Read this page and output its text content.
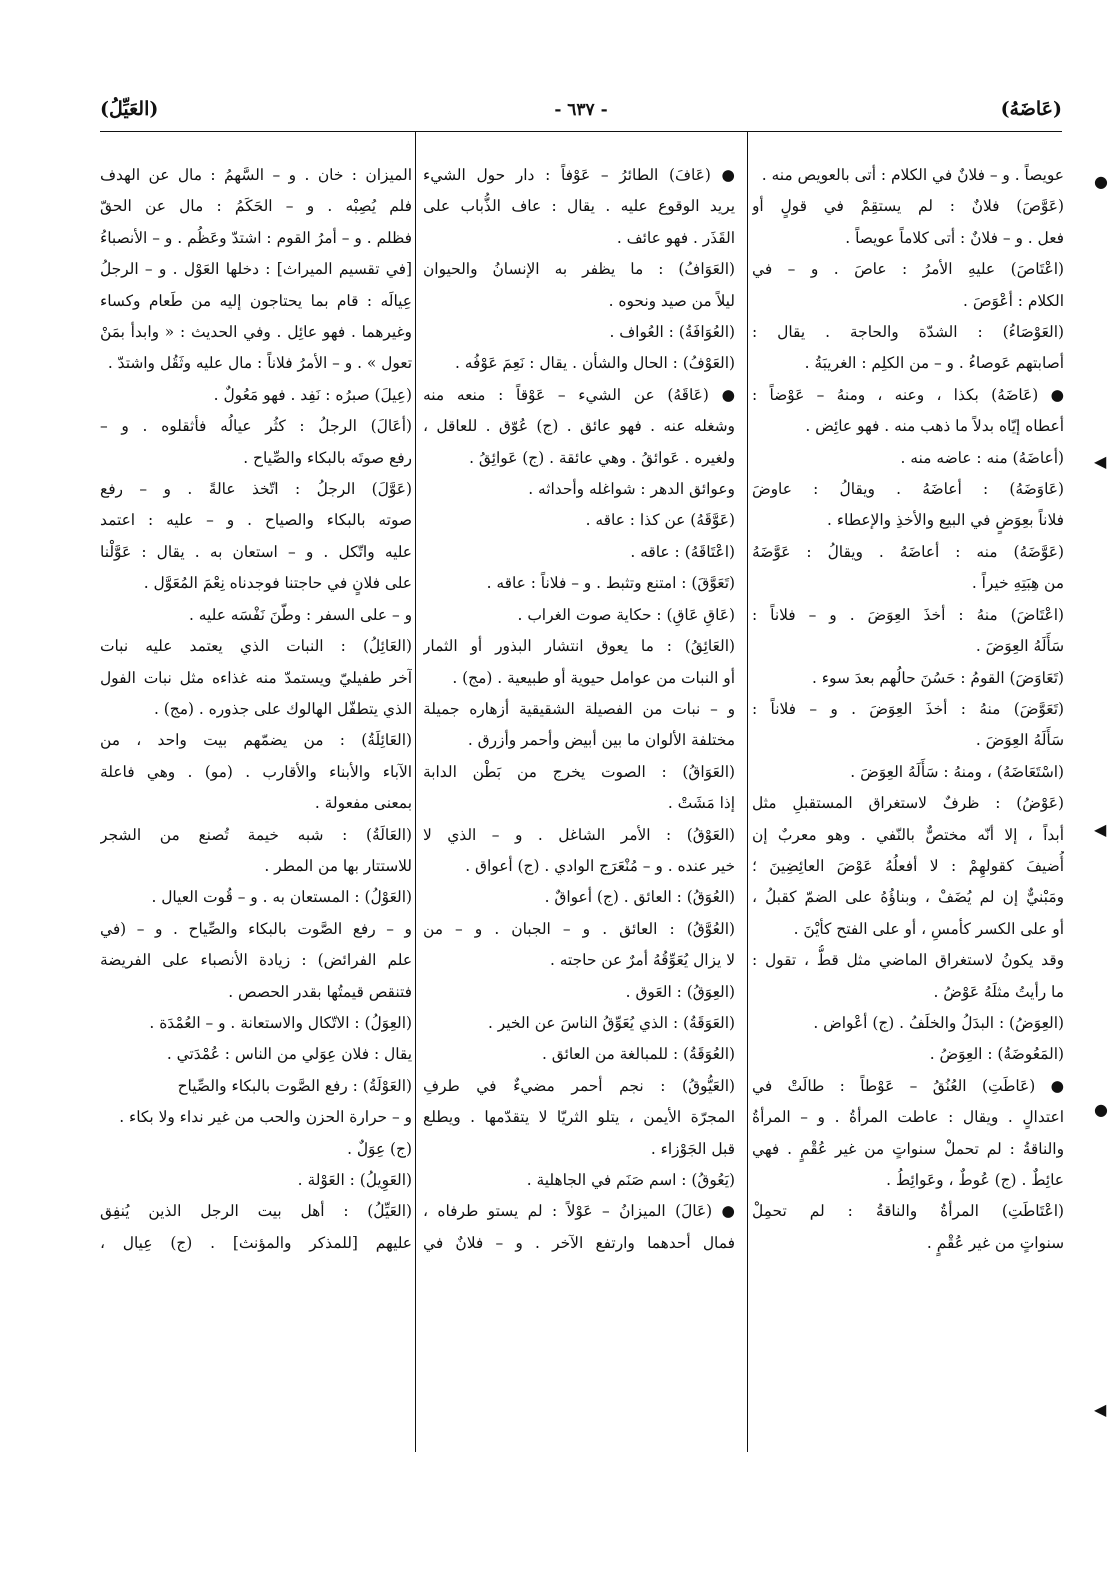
(العَيِّلُ)	- ٦٣٧ -	(عَاضَهُ)
عويصاً . و – فلانٌ في الكلام : أتى بالعويص منه .
(عَوَّصَ) فلانٌ : لم يستقِمْ في قولٍ أو
فعل . و – فلانٌ : أتى كلاماً عويصاً .
(اعْتَاصَ) عليهِ الأمرُ : عاصَ . و – في
الكلام : أعْوَصَ .
(العَوْصَاءُ) : الشدّة والحاجة . يقال :
أصابتهم عَوصاءُ . و – من الكلِم : الغريبَةُ .
● (عَاضَهُ) بكذا ، وعنه ، ومنهُ – عَوْضاً :
أعطاه إيّاه بدلاً ما ذهب منه . فهو عائِض .
(أعاضَهُ) منه : عاضه منه .
(عَاوَضَهُ) : أعاضَهُ . ويقالُ : عاوضَ
فلاناً بعِوَضٍ في البيع والأخذِ والإعطاء .
(عَوَّضَهُ) منه : أعاضَهُ . ويقالُ : عَوَّضَهُ
من هِبَتِهِ خيراً .
(اعْتَاضَ) منهُ : أخذَ العِوَضَ . و – فلاناً :
سَأَلَهُ العِوَضَ .
(تَعَاوَضَ) القومُ : حَسُنَ حالُهم بعدَ سوء .
(تَعَوَّضَ) منهُ : أخذَ العِوَضَ . و – فلاناً :
سَأَلَهُ العِوَضَ .
(اسْتَعَاضَهُ) ، ومنهُ : سَأَلَهُ العِوَضَ .
(عَوْضُ) : ظرفٌ لاستغراق المستقبلِ مثل
أبداً ، إلا أنّه مختصٌّ بالنّفي . وهو معربٌ إن
أُضيفَ كقولهِمْ : لا أفعلُهُ عَوْضَ العائِضِينَ ؛
ومَبْنيٌّ إن لم يُضَفْ ، وبناؤُهُ على الضمّ كقبلُ ،
أو على الكسر كأمسِ ، أو على الفتح كأيْنَ .
وقد يكونُ لاستغراق الماضي مثل قطُّ ، تقول :
ما رأيتُ مثلَهُ عَوْضُ .
(العِوَضُ) : البدَلُ والخلَفُ . (ج) أعْواض .
(المَعُوضَةُ) : العِوَضُ .
● (عَاطَتِ) العُنُقُ – عَوْطاً : طالَتْ في
اعتدالٍ . ويقال : عاطت المرأةُ . و – المرأةُ
والناقةُ : لم تحملْ سنواتٍ من غير عُقْمٍ . فهي
عائِطٌ . (ج) عُوطٌ ، وعَوائِطُ .
(اعْتَاطَتِ) المرأةُ والناقةُ : لم تحمِلْ
سنواتٍ من غير عُقْمٍ .
● (عَافَ) الطائرُ – عَوْفاً : دار حول الشيء
يريد الوقوع عليه . يقال : عاف الذُّباب على
القَذَر . فهو عائف .
(العَوَافُ) : ما يظفر به الإنسانُ والحيوان
ليلاً من صيد ونحوه .
(العُوَافَةُ) : العُواف .
(العَوْفُ) : الحال والشأن . يقال : نَعِمَ عَوْفُه .
● (عَاقَهُ) عن الشيء – عَوْقاً : منعه منه
وشغله عنه . فهو عائق . (ج) عُوّق . للعاقل ،
ولغيره . عَوائقُ . وهي عائقة . (ج) عَوائِقُ .
وعوائق الدهر : شواغله وأحداثه .
(عَوَّقَهُ) عن كذا : عاقه .
(اعْتَاقَهُ) : عاقه .
(تَعَوَّقَ) : امتنع وتثبط . و – فلاناً : عاقه .
(عَاقِ عَاقِ) : حكاية صوت الغراب .
(العَائِقُ) : ما يعوق انتشار البذور أو الثمار
أو النبات من عوامل حيوية أو طبيعية . (مج) .
و – نبات من الفصيلة الشقيقية أزهاره جميلة
مختلفة الألوان ما بين أبيض وأحمر وأزرق .
(العَوَاقُ) : الصوت يخرج من بَطْن الدابة
إذا مَشَتْ .
(العَوْقُ) : الأمر الشاغل . و – الذي لا
خير عنده . و – مُنْعَرَج الوادي . (ج) أعواق .
(العُوَقُ) : العائق . (ج) أعواقٌ .
(العُوَّقُ) : العائق . و – الجبان . و – من
لا يزال يُعَوِّقُهُ أمرٌ عن حاجته .
(العِوَقُ) : العَوق .
(العَوَقَةُ) : الذي يُعَوِّقُ الناسَ عن الخير .
(العُوَقَةُ) : للمبالغة من العائق .
(العَيُّوقُ) : نجم أحمر مضيءٌ في طرفِ
المجرّة الأيمن ، يتلو الثريّا لا يتقدّمها . ويطلع
قبل الجَوْزاء .
(يَعُوقُ) : اسم صَنَم في الجاهلية .
● (عَالَ) الميزانُ – عَوْلاً : لم يستو طرفاه ،
فمال أحدهما وارتفع الآخر . و – فلانٌ في
الميزان : خان . و – السَّهمُ : مال عن الهدف
فلم يُصِبْه . و – الحَكَمُ : مال عن الحقّ
فظلم . و – أمرُ القوم : اشتدّ وعَظُم . و – الأنصباءُ
[في تقسيم الميراث] : دخلها العَوْل . و – الرجلُ
عِيالَه : قام بما يحتاجون إليه من طَعام وكساء
وغيرهما . فهو عائِل . وفي الحديث : « وابدأ بمَنْ
تعول » . و – الأمرُ فلاناً : مال عليه وثَقُل واشتدّ .
(عِيلَ) صبرُه : نَفِد . فهو مَعُولٌ .
(أعَالَ) الرجلُ : كثُر عيالُه فأثقلوه . و –
رفع صوتَه بالبكاء والصِّياح .
(عَوَّلَ) الرجلُ : اتّخذ عالةً . و – رفع
صوته بالبكاء والصياح . و – عليه : اعتمد
عليه واتّكل . و – استعان به . يقال : عَوَّلْنا
على فلانٍ في حاجتنا فوجدناه نِعْمَ المُعَوَّل .
و – على السفر : وطّنَ نَفْسَه عليه .
(العَائِلُ) : النبات الذي يعتمد عليه نبات
آخر طفيليّ ويستمدّ منه غذاءه مثل نبات الفول
الذي يتطفّل الهالوك على جذوره . (مج) .
(العَائِلَةُ) : من يضمّهم بيت واحد ، من
الآباء والأبناء والأقارب . (مو) . وهي فاعلة
بمعنى مفعولة .
(العَالَةُ) : شبه خيمة تُصنع من الشجر
للاستتار بها من المطر .
(العَوْلُ) : المستعان به . و – قُوت العيال .
و – رفع الصَّوت بالبكاء والصِّياح . و – (في
علم الفرائض) : زيادة الأنصباء على الفريضة
فتنقص قيمتُها بقدر الحصص .
(العِوَلُ) : الاتّكال والاستعانة . و – العُمْدَة .
يقال : فلان عِوَلي من الناس : عُمْدَتي .
(العَوْلَةُ) : رفع الصَّوت بالبكاء والصِّياح
و – حرارة الحزن والحب من غير نداء ولا بكاء .
(ج) عِوَلٌ .
(العَوِيلُ) : العَوْلة .
(العَيِّلُ) : أهل بيت الرجل الذين يُنفِق
عليهم [للمذكر والمؤنث] . (ج) عِيال ،
●
◀
◀
●
◀
